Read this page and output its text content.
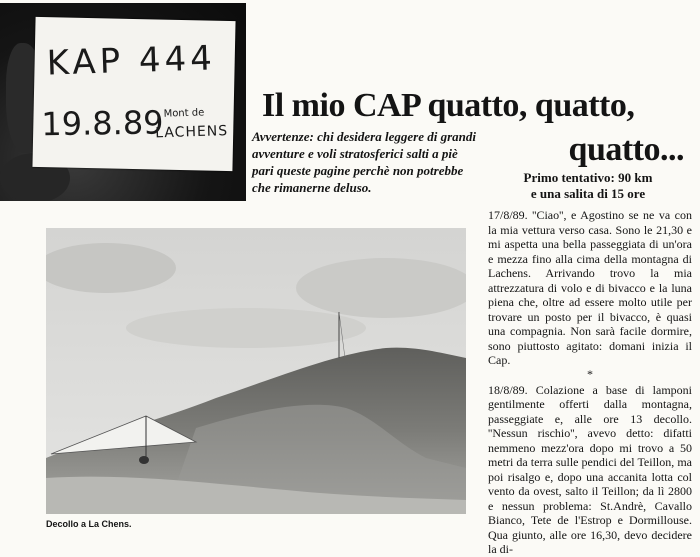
KAP 444
19.8.89 Mont de
LACHENS
Il mio CAP quatto, quatto,
quatto...

Avvertenze: chi desidera leggere di grandi avventure e voli stratosferici salti a piè pari queste pagine perchè non potrebbe che rimanerne deluso.

Primo tentativo: 90 km
e una salita di 15 ore

Decollo a La Chens.

17/8/89. ''Ciao'', e Agostino se ne va con la mia vettura verso casa. Sono le 21,30 e mi aspetta una bella passeggiata di un'ora e mezza fino alla cima della montagna di Lachens. Arrivando trovo la mia attrezzatura di volo e di bivacco e la luna piena che, oltre ad essere molto utile per trovare un posto per il bivacco, è quasi una compagnia. Non sarà facile dormire, sono piuttosto agitato: domani inizia il Cap.

*

18/8/89. Colazione a base di lamponi gentilmente offerti dalla montagna, passeggiate e, alle ore 13 decollo. ''Nessun rischio'', avevo detto: difatti nemmeno mezz'ora dopo mi trovo a 50 metri da terra sulle pendici del Teillon, ma poi risalgo e, dopo una accanita lotta col vento da ovest, salto il Teillon; da lì 2800 e nessun problema: St.Andrè, Cavallo Bianco, Tete de l'Estrop e Dormillouse. Qua giunto, alle ore 16,30, devo decidere la di-
